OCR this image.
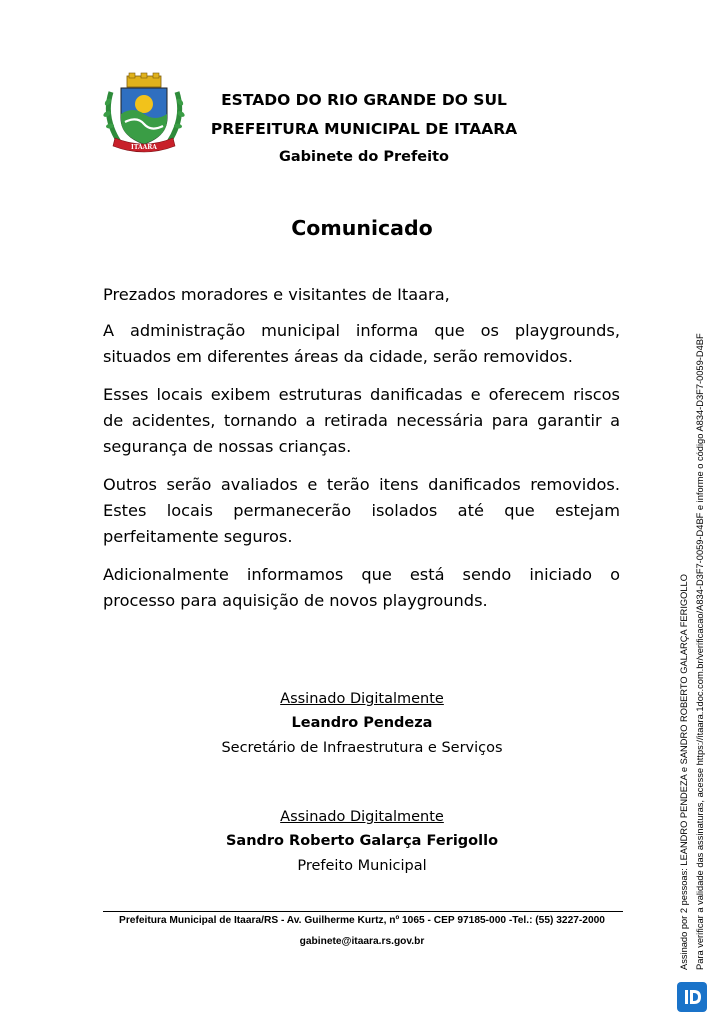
ITAARA
ESTADO DO RIO GRANDE DO SUL
PREFEITURA MUNICIPAL DE ITAARA
Gabinete do Prefeito
Comunicado

Prezados moradores e visitantes de Itaara,

A administração municipal informa que os playgrounds, situados em diferentes áreas da cidade, serão removidos.

Esses locais exibem estruturas danificadas e oferecem riscos de acidentes, tornando a retirada necessária para garantir a segurança de nossas crianças.

Outros serão avaliados e terão itens danificados removidos. Estes locais permanecerão isolados até que estejam perfeitamente seguros.

Adicionalmente informamos que está sendo iniciado o
processo para aquisição de novos playgrounds.

Assinado Digitalmente
Leandro Pendeza
Secretário de Infraestrutura e Serviços
Assinado Digitalmente
Sandro Roberto Galarça Ferigollo
Prefeito Municipal
Prefeitura Municipal de Itaara/RS - Av. Guilherme Kurtz, nº 1065 - CEP 97185-000 -Tel.: (55) 3227-2000
gabinete@itaara.rs.gov.br	Assinado por 2 pessoas: LEANDRO PENDEZA e SANDRO ROBERTO GALARÇA FERIGOLLO Para verificar a validade das assinaturas, acesse https://itaara.1doc.com.br/verificacao/A834-D3F7-0059-D4BF e informe o código A834-D3F7-0059-D4BF
